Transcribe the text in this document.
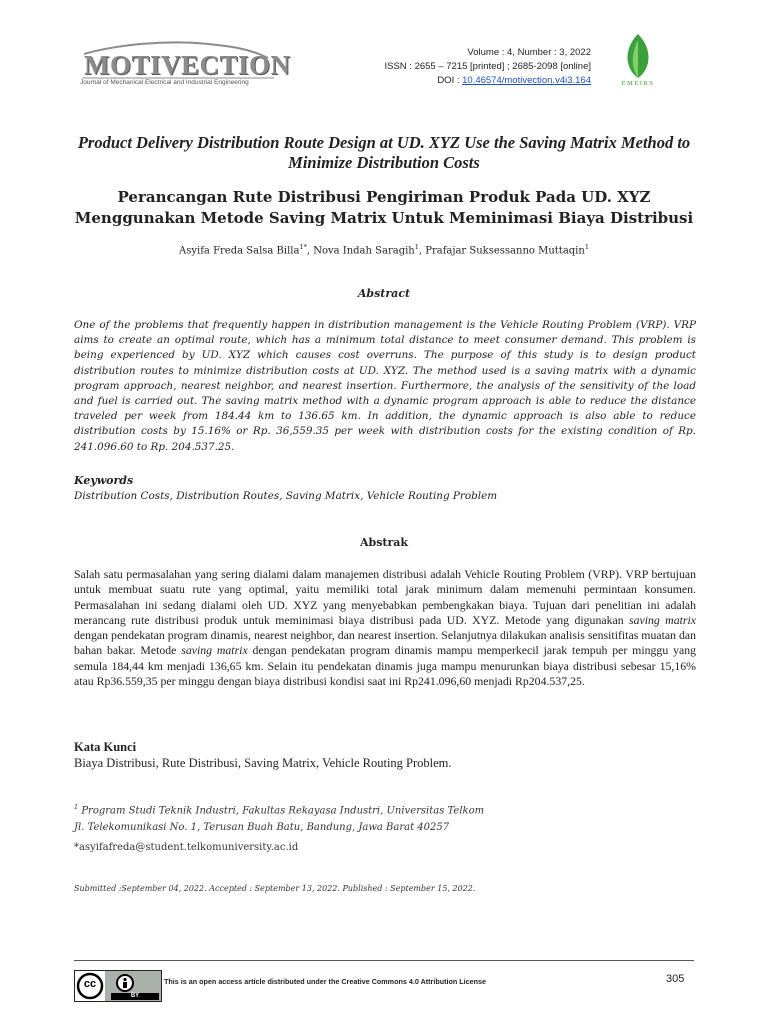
MOTIVECTION
Journal of Mechanical Electrical and Industrial Engineering
Volume : 4, Number : 3, 2022
ISSN : 2655 – 7215 [printed] ; 2685-2098 [online]
DOI : 10.46574/motivection.v4i3.164	EMEIRS
Product Delivery Distribution Route Design at UD. XYZ Use the Saving Matrix Method to Minimize Distribution Costs
Perancangan Rute Distribusi Pengiriman Produk Pada UD. XYZ Menggunakan Metode Saving Matrix Untuk Meminimasi Biaya Distribusi
Asyifa Freda Salsa Billa$^{1*}$, Nova Indah Saragih$^1$, Prafajar Suksessanno Muttaqin$^1$
Abstract

One of the problems that frequently happen in distribution management is the Vehicle Routing Problem (VRP). VRP aims to create an optimal route, which has a minimum total distance to meet consumer demand. This problem is being experienced by UD. XYZ which causes cost overruns. The purpose of this study is to design product distribution routes to minimize distribution costs at UD. XYZ. The method used is a saving matrix with a dynamic program approach, nearest neighbor, and nearest insertion. Furthermore, the analysis of the sensitivity of the load and fuel is carried out. The saving matrix method with a dynamic program approach is able to reduce the distance traveled per week from 184.44 km to 136.65 km. In addition, the dynamic approach is also able to reduce distribution costs by 15.16% or Rp. 36,559.35 per week with distribution costs for the existing condition of Rp. 241.096.60 to Rp. 204.537.25.

Keywords
Distribution Costs, Distribution Routes, Saving Matrix, Vehicle Routing Problem
Abstrak

Salah satu permasalahan yang sering dialami dalam manajemen distribusi adalah Vehicle Routing Problem (VRP). VRP bertujuan untuk membuat suatu rute yang optimal, yaitu memiliki total jarak minimum dalam memenuhi permintaan konsumen. Permasalahan ini sedang dialami oleh UD. XYZ yang menyebabkan pembengkakan biaya. Tujuan dari penelitian ini adalah merancang rute distribusi produk untuk meminimasi biaya distribusi pada UD. XYZ. Metode yang digunakan saving matrix dengan pendekatan program dinamis, nearest neighbor, dan nearest insertion. Selanjutnya dilakukan analisis sensitifitas muatan dan bahan bakar. Metode saving matrix dengan pendekatan program dinamis mampu memperkecil jarak tempuh per minggu yang semula 184,44 km menjadi 136,65 km. Selain itu pendekatan dinamis juga mampu menurunkan biaya distribusi sebesar 15,16% atau Rp36.559,35 per minggu dengan biaya distribusi kondisi saat ini Rp241.096,60 menjadi Rp204.537,25.

Kata Kunci
Biaya Distribusi, Rute Distribusi, Saving Matrix, Vehicle Routing Problem.
$^1$ Program Studi Teknik Industri, Fakultas Rekayasa Industri, Universitas Telkom
Jl. Telekomunikasi No. 1, Terusan Buah Batu, Bandung, Jawa Barat 40257
*asyifafreda@student.telkomuniversity.ac.id
Submitted :September 04, 2022. Accepted : September 13, 2022. Published : September 15, 2022.
cc
BY
This is an open access article distributed under the Creative Commons 4.0 Attribution License	305
